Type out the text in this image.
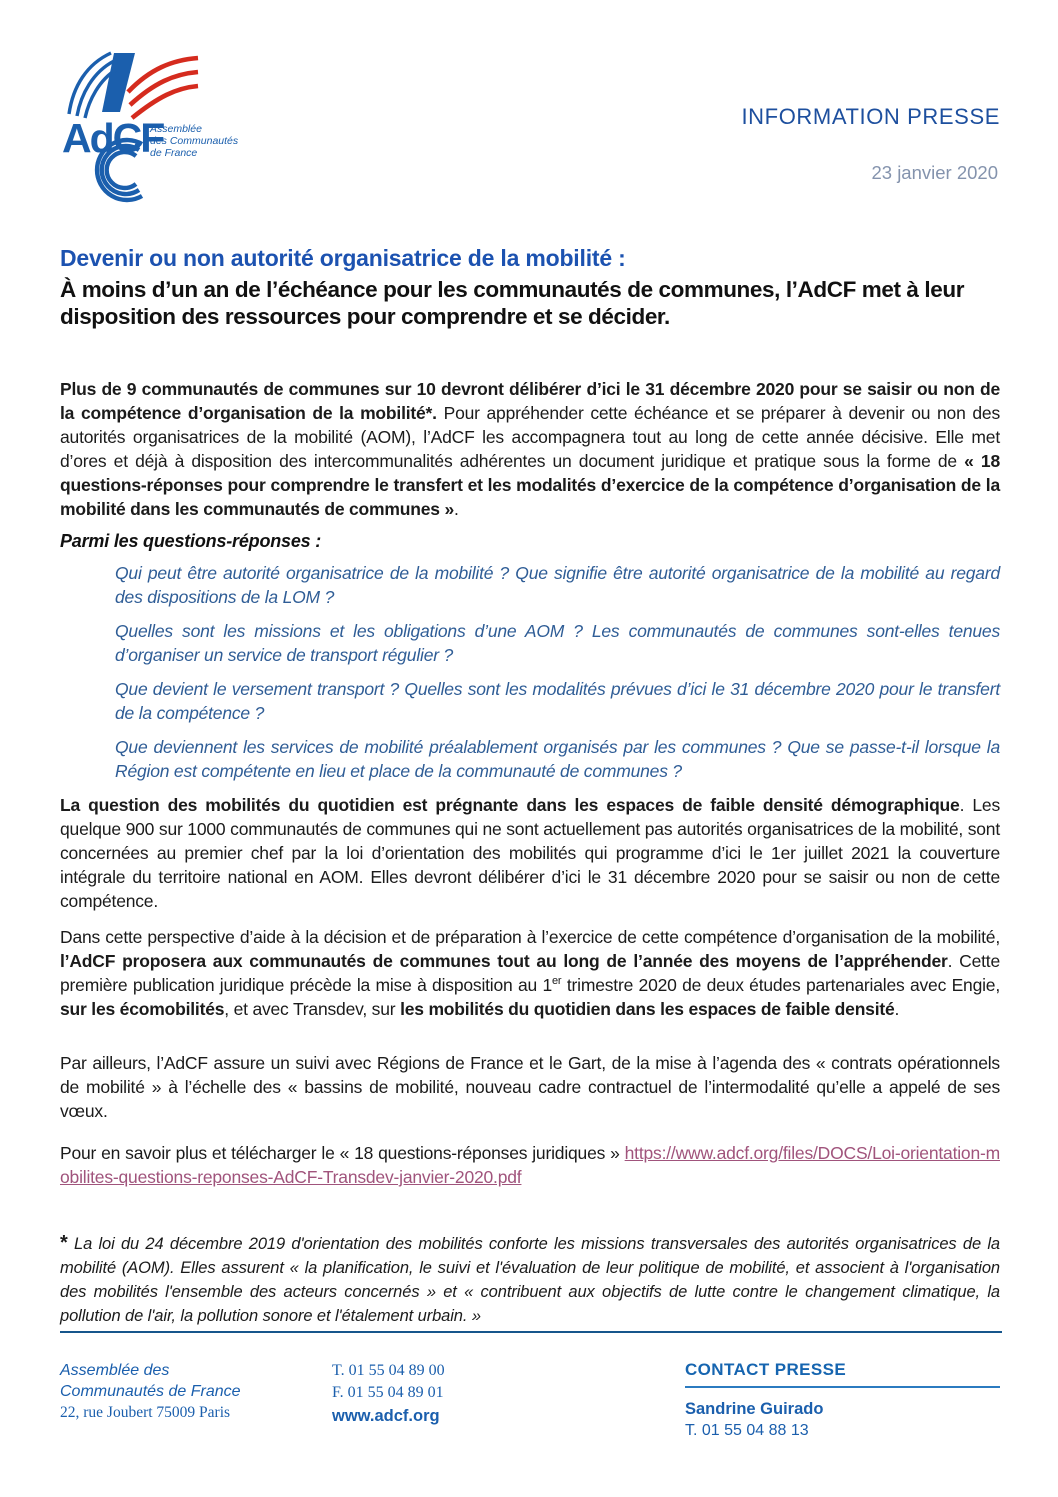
AdCF
Assemblée des Communautés de France
INFORMATION PRESSE
23 janvier 2020
Devenir ou non autorité organisatrice de la mobilité :
À moins d’un an de l’échéance pour les communautés de communes, l’AdCF met à leur disposition des ressources pour comprendre et se décider.

Plus de 9 communautés de communes sur 10 devront délibérer d’ici le 31 décembre 2020 pour se saisir ou non de la compétence d’organisation de la mobilité*. Pour appréhender cette échéance et se préparer à devenir ou non des autorités organisatrices de la mobilité (AOM), l’AdCF les accompagnera tout au long de cette année décisive. Elle met d’ores et déjà à disposition des intercommunalités adhérentes un document juridique et pratique sous la forme de « 18 questions-réponses pour comprendre le transfert et les modalités d’exercice de la compétence d’organisation de la mobilité dans les communautés de communes ».

Parmi les questions-réponses :

Qui peut être autorité organisatrice de la mobilité ? Que signifie être autorité organisatrice de la mobilité au regard des dispositions de la LOM ?

Quelles sont les missions et les obligations d’une AOM ? Les communautés de communes sont-elles tenues d’organiser un service de transport régulier ?

Que devient le versement transport ? Quelles sont les modalités prévues d’ici le 31 décembre 2020 pour le transfert de la compétence ?

Que deviennent les services de mobilité préalablement organisés par les communes ? Que se passe-t-il lorsque la Région est compétente en lieu et place de la communauté de communes ?

La question des mobilités du quotidien est prégnante dans les espaces de faible densité démographique. Les quelque 900 sur 1000 communautés de communes qui ne sont actuellement pas autorités organisatrices de la mobilité, sont concernées au premier chef par la loi d’orientation des mobilités qui programme d’ici le 1er juillet 2021 la couverture intégrale du territoire national en AOM. Elles devront délibérer d’ici le 31 décembre 2020 pour se saisir ou non de cette compétence.

Dans cette perspective d’aide à la décision et de préparation à l’exercice de cette compétence d’organisation de la mobilité, l’AdCF proposera aux communautés de communes tout au long de l’année des moyens de l’appréhender. Cette première publication juridique précède la mise à disposition au 1er trimestre 2020 de deux études partenariales avec Engie, sur les écomobilités, et avec Transdev, sur les mobilités du quotidien dans les espaces de faible densité.

Par ailleurs, l’AdCF assure un suivi avec Régions de France et le Gart, de la mise à l’agenda des « contrats opérationnels de mobilité » à l’échelle des « bassins de mobilité, nouveau cadre contractuel de l’intermodalité qu’elle a appelé de ses vœux.

Pour en savoir plus et télécharger le « 18 questions-réponses juridiques » https://www.adcf.org/files/DOCS/Loi-orientation-mobilites-questions-reponses-AdCF-Transdev-janvier-2020.pdf

* La loi du 24 décembre 2019 d'orientation des mobilités conforte les missions transversales des autorités organisatrices de la mobilité (AOM). Elles assurent « la planification, le suivi et l'évaluation de leur politique de mobilité, et associent à l'organisation des mobilités l'ensemble des acteurs concernés » et « contribuent aux objectifs de lutte contre le changement climatique, la pollution de l'air, la pollution sonore et l'étalement urbain. »

Assemblée des
Communautés de France
22, rue Joubert 75009 Paris
T. 01 55 04 89 00
F. 01 55 04 89 01
www.adcf.org
CONTACT PRESSE
Sandrine Guirado
T. 01 55 04 88 13
